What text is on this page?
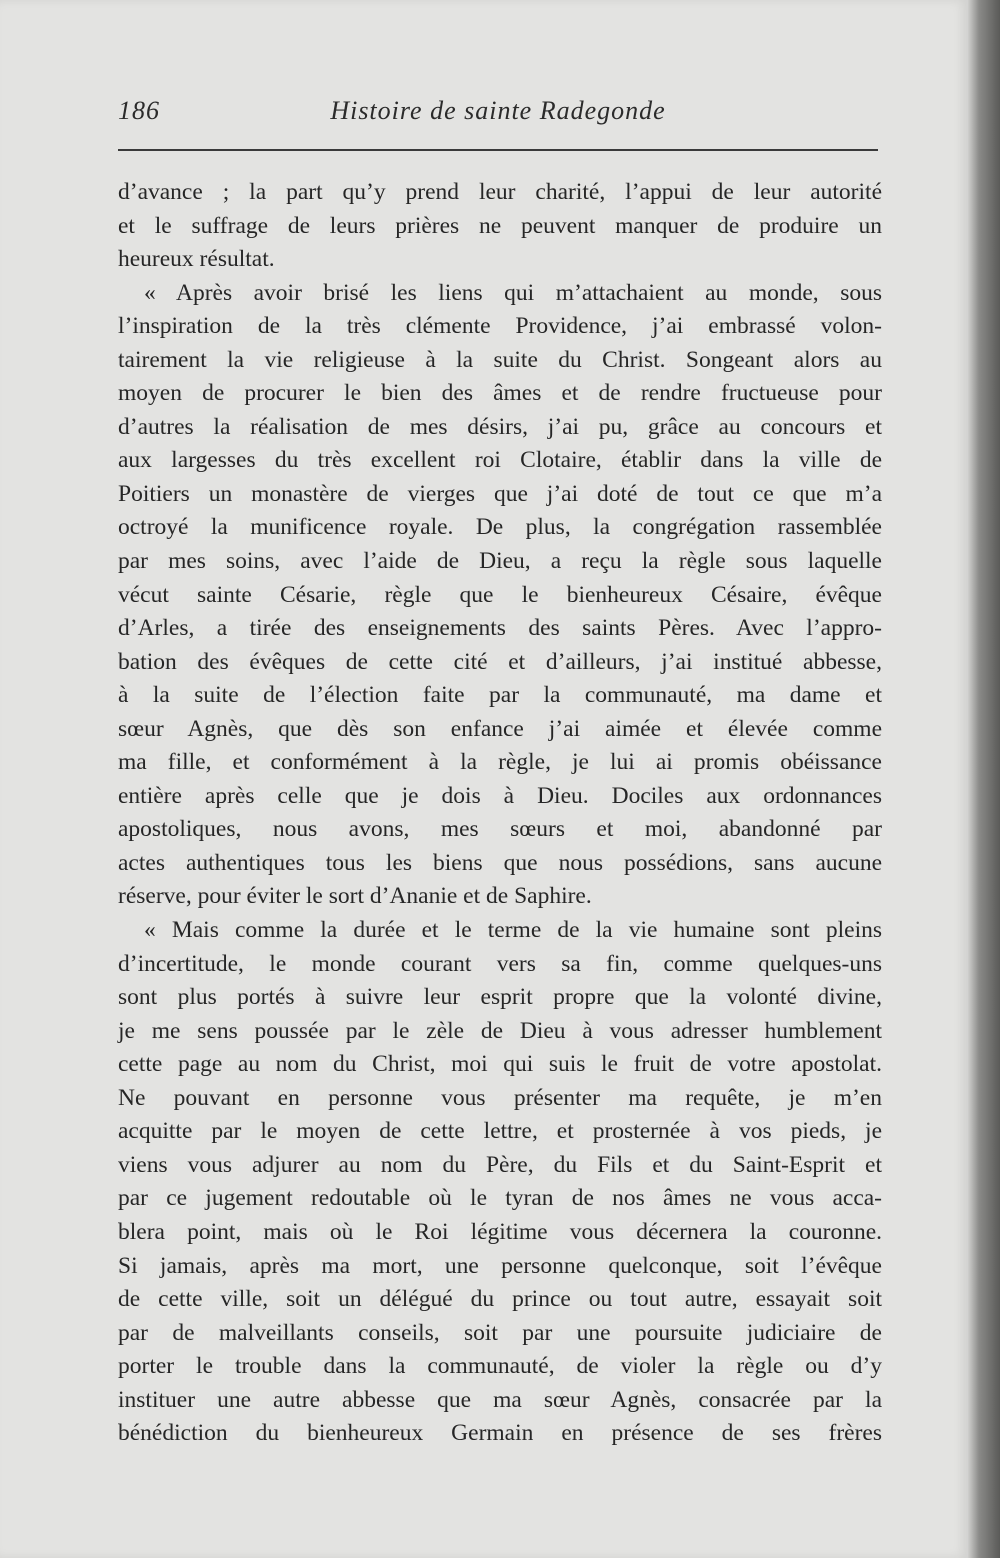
186	Histoire de sainte Radegonde
d’avance ; la part qu’y prend leur charité, l’appui de leur autorité
et le suffrage de leurs prières ne peuvent manquer de produire un
heureux résultat.
« Après avoir brisé les liens qui m’attachaient au monde, sous
l’inspiration de la très clémente Providence, j’ai embrassé volon-
tairement la vie religieuse à la suite du Christ. Songeant alors au
moyen de procurer le bien des âmes et de rendre fructueuse pour
d’autres la réalisation de mes désirs, j’ai pu, grâce au concours et
aux largesses du très excellent roi Clotaire, établir dans la ville de
Poitiers un monastère de vierges que j’ai doté de tout ce que m’a
octroyé la munificence royale. De plus, la congrégation rassemblée
par mes soins, avec l’aide de Dieu, a reçu la règle sous laquelle
vécut sainte Césarie, règle que le bienheureux Césaire, évêque
d’Arles, a tirée des enseignements des saints Pères. Avec l’appro-
bation des évêques de cette cité et d’ailleurs, j’ai institué abbesse,
à la suite de l’élection faite par la communauté, ma dame et
sœur Agnès, que dès son enfance j’ai aimée et élevée comme
ma fille, et conformément à la règle, je lui ai promis obéissance
entière après celle que je dois à Dieu. Dociles aux ordonnances
apostoliques, nous avons, mes sœurs et moi, abandonné par
actes authentiques tous les biens que nous possédions, sans aucune
réserve, pour éviter le sort d’Ananie et de Saphire.
« Mais comme la durée et le terme de la vie humaine sont pleins
d’incertitude, le monde courant vers sa fin, comme quelques-uns
sont plus portés à suivre leur esprit propre que la volonté divine,
je me sens poussée par le zèle de Dieu à vous adresser humblement
cette page au nom du Christ, moi qui suis le fruit de votre apostolat.
Ne pouvant en personne vous présenter ma requête, je m’en
acquitte par le moyen de cette lettre, et prosternée à vos pieds, je
viens vous adjurer au nom du Père, du Fils et du Saint-Esprit et
par ce jugement redoutable où le tyran de nos âmes ne vous acca-
blera point, mais où le Roi légitime vous décernera la couronne.
Si jamais, après ma mort, une personne quelconque, soit l’évêque
de cette ville, soit un délégué du prince ou tout autre, essayait soit
par de malveillants conseils, soit par une poursuite judiciaire de
porter le trouble dans la communauté, de violer la règle ou d’y
instituer une autre abbesse que ma sœur Agnès, consacrée par la
bénédiction du bienheureux Germain en présence de ses frères
